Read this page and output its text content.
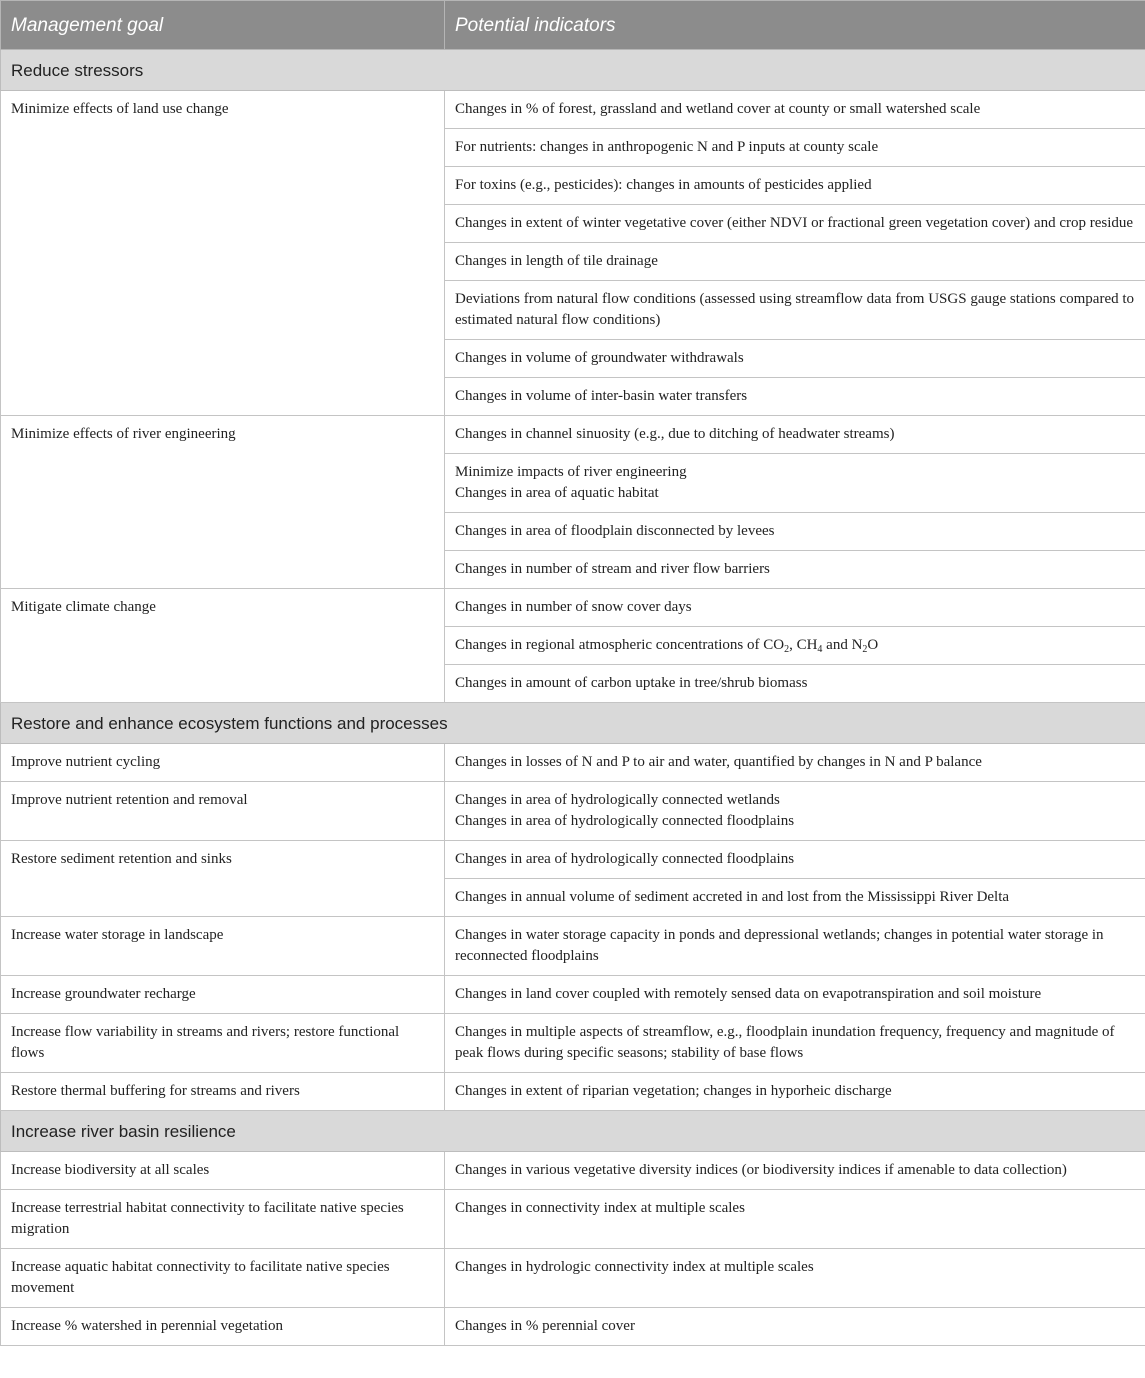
Management goal	Potential indicators
Reduce stressors	
Minimize effects of land use change	Changes in % of forest, grassland and wetland cover at county or small watershed scale
	For nutrients: changes in anthropogenic N and P inputs at county scale
	For toxins (e.g., pesticides): changes in amounts of pesticides applied
	Changes in extent of winter vegetative cover (either NDVI or fractional green vegetation cover) and crop residue
	Changes in length of tile drainage
	Deviations from natural flow conditions (assessed using streamflow data from USGS gauge stations compared to estimated natural flow conditions)
	Changes in volume of groundwater withdrawals
	Changes in volume of inter-basin water transfers
Minimize effects of river engineering	Changes in channel sinuosity (e.g., due to ditching of headwater streams)

	Minimize impacts of river engineering
Changes in area of aquatic habitat

	Changes in area of floodplain disconnected by levees
	Changes in number of stream and river flow barriers
Mitigate climate change	Changes in number of snow cover days
	Changes in regional atmospheric concentrations of $CO_2$, $CH_4$ and $N_2O$
	Changes in amount of carbon uptake in tree/shrub biomass
Restore and enhance ecosystem functions and processes	
Improve nutrient cycling	Changes in losses of N and P to air and water, quantified by changes in N and P balance
Improve nutrient retention and removal	Changes in area of hydrologically connected wetlands
Changes in area of hydrologically connected floodplains

Restore sediment retention and sinks	Changes in area of hydrologically connected floodplains
	Changes in annual volume of sediment accreted in and lost from the Mississippi River Delta
Increase water storage in landscape	Changes in water storage capacity in ponds and depressional wetlands; changes in potential water storage in reconnected floodplains
Increase groundwater recharge	Changes in land cover coupled with remotely sensed data on evapotranspiration and soil moisture
Increase flow variability in streams and rivers; restore functional flows	Changes in multiple aspects of streamflow, e.g., floodplain inundation frequency, frequency and magnitude of peak flows during specific seasons; stability of base flows
Restore thermal buffering for streams and rivers	Changes in extent of riparian vegetation; changes in hyporheic discharge
Increase river basin resilience	
Increase biodiversity at all scales	Changes in various vegetative diversity indices (or biodiversity indices if amenable to data collection)
Increase terrestrial habitat connectivity to facilitate native species migration	Changes in connectivity index at multiple scales
Increase aquatic habitat connectivity to facilitate native species movement	Changes in hydrologic connectivity index at multiple scales
Increase % watershed in perennial vegetation	Changes in % perennial cover
